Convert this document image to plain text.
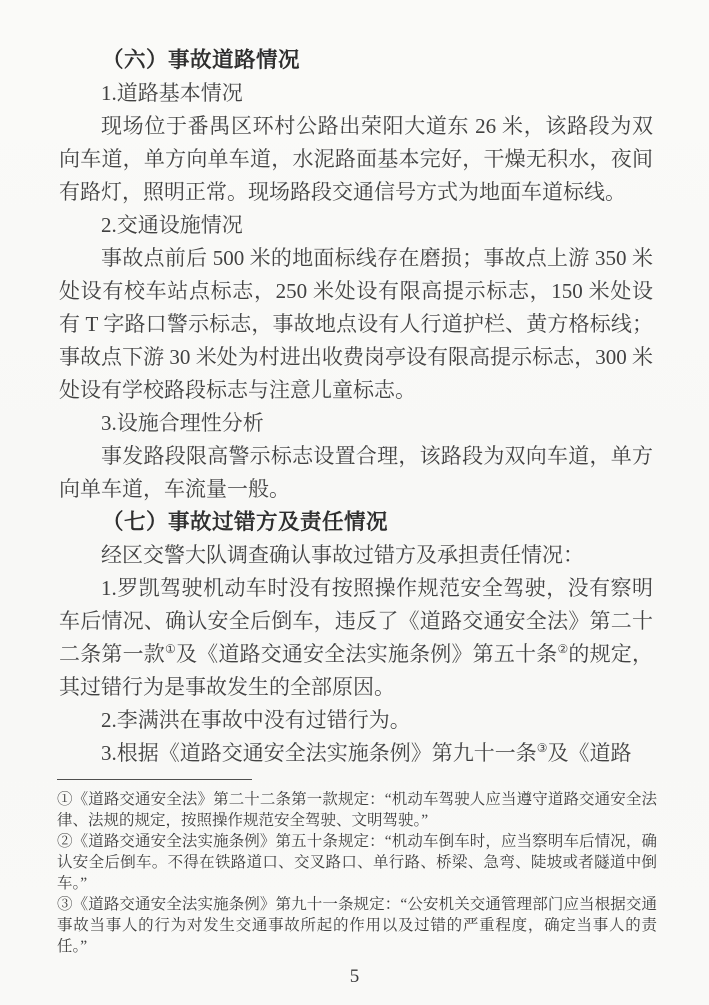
（六）事故道路情况

1.道路基本情况

现场位于番禺区环村公路出荣阳大道东 26 米，该路段为双向车道，单方向单车道，水泥路面基本完好，干燥无积水，夜间有路灯，照明正常。现场路段交通信号方式为地面车道标线。

2.交通设施情况

事故点前后 500 米的地面标线存在磨损；事故点上游 350 米处设有校车站点标志，250 米处设有限高提示标志，150 米处设有 T 字路口警示标志，事故地点设有人行道护栏、黄方格标线；事故点下游 30 米处为村进出收费岗亭设有限高提示标志，300 米处设有学校路段标志与注意儿童标志。

3.设施合理性分析

事发路段限高警示标志设置合理，该路段为双向车道，单方向单车道，车流量一般。

（七）事故过错方及责任情况

经区交警大队调查确认事故过错方及承担责任情况：

1.罗凯驾驶机动车时没有按照操作规范安全驾驶，没有察明车后情况、确认安全后倒车，违反了《道路交通安全法》第二十二条第一款①及《道路交通安全法实施条例》第五十条②的规定，其过错行为是事故发生的全部原因。

2.李满洪在事故中没有过错行为。

3.根据《道路交通安全法实施条例》第九十一条③及《道路

①《道路交通安全法》第二十二条第一款规定：“机动车驾驶人应当遵守道路交通安全法律、法规的规定，按照操作规范安全驾驶、文明驾驶。”

②《道路交通安全法实施条例》第五十条规定：“机动车倒车时，应当察明车后情况，确认安全后倒车。不得在铁路道口、交叉路口、单行路、桥梁、急弯、陡坡或者隧道中倒车。”

③《道路交通安全法实施条例》第九十一条规定：“公安机关交通管理部门应当根据交通事故当事人的行为对发生交通事故所起的作用以及过错的严重程度，确定当事人的责任。”

5
